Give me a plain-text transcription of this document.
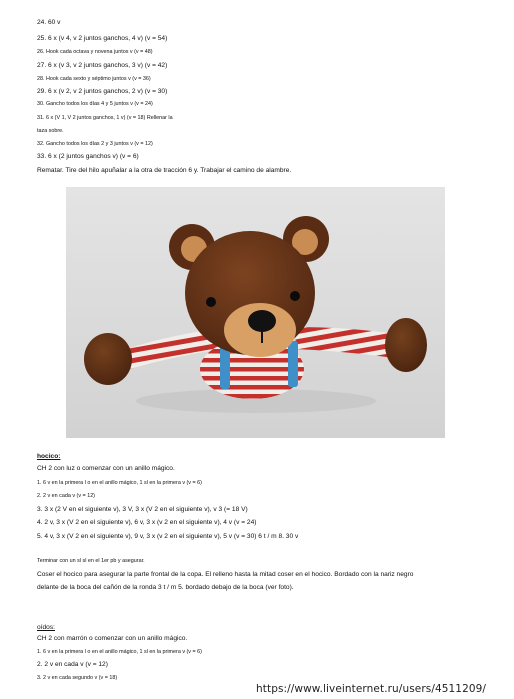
24. 60 v
25. 6 x (v 4, v 2 juntos ganchos, 4 v) (v = 54)
26. Hook cada octava y novena juntos v (v = 48)
27. 6 x (v 3, v 2 juntos ganchos, 3 v) (v = 42)
28. Hook cada sexto y séptimo juntos v (v = 36)
29. 6 x (v 2, v 2 juntos ganchos, 2 v) (v = 30)
30. Gancho todos los días 4 y 5 juntos v (v = 24)
31. 6 x (V 1, V 2 juntos ganchos, 1 v) (v = 18) Rellenar la
taza sobre.
32. Gancho todos los días 2 y 3 juntos v (v = 12)
33. 6 x (2 juntos ganchos v) (v = 6)
Rematar. Tire del hilo apuñalar a la otra de tracción 6 y. Trabajar el camino de alambre.
hocico:
CH 2 con luz o comenzar con un anillo mágico.
1. 6 v en la primera l o en el anillo mágico, 1 sl en la primera v (v = 6)
2. 2 v en cada v (v = 12)
3. 3 x (2 V en el siguiente v), 3 V, 3 x (V 2 en el siguiente v), v 3 (= 18 V)
4. 2 v, 3 x (V 2 en el siguiente v), 6 v, 3 x (v 2 en el siguiente v), 4 v (v = 24)
5. 4 v, 3 x (V 2 en el siguiente v), 9 v, 3 x (v 2 en el siguiente v), 5 v (v = 30) 6 t / m 8. 30 v
Terminar con un sl sl en el 1er pb y asegurar.
Coser el hocico para asegurar la parte frontal de la copa. El relleno hasta la mitad coser en el hocico. Bordado con la nariz negro
delante de la boca del cañón de la ronda 3 t / m 5. bordado debajo de la boca (ver foto).
oídos:
CH 2 con marrón o comenzar con un anillo mágico.
1. 6 v en la primera l o en el anillo mágico, 1 sl en la primera v (v = 6)
2. 2 v en cada v (v = 12)
3. 2 v en cada segundo v (v = 18)
https://www.liveinternet.ru/users/4511209/
